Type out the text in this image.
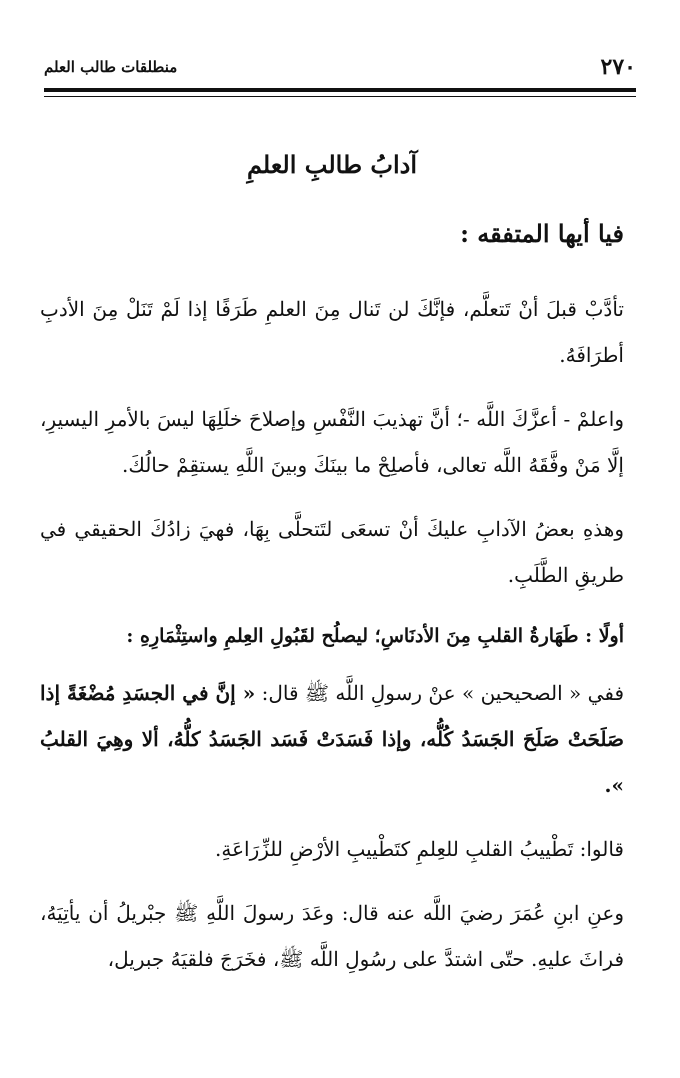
٢٧٠
منطلقات طالب العلم
آدابُ طالبِ العلمِ
فيا أيها المتفقه :

تأدَّبْ قبلَ أنْ تَتعلَّم، فإنَّكَ لن تَنال مِنَ العلمِ طَرَفًا إذا لَمْ تَنَلْ مِنَ الأدبِ أطرَافَهُ.

واعلمْ - أعزَّكَ اللَّه -؛ أنَّ تهذيبَ النَّفْسِ وإصلاحَ خلَلِهَا ليسَ بالأمرِ اليسيرِ، إلَّا مَنْ وفَّقَهُ اللَّه تعالى، فأصلِحْ ما بينَكَ وبينَ اللَّهِ يستقِمْ حالُكَ.

وهذهِ بعضُ الآدابِ عليكَ أنْ تسعَى لتَتحلَّى بِهَا، فهيَ زادُكَ الحقيقي في طريقِ الطَّلَبِ.

أولًا : طَهَارةُ القلبِ مِنَ الأدنَاسِ؛ ليصلُح لقَبُولِ العِلمِ واستِثْمَارِهِ :

ففي « الصحيحين » عنْ رسولِ اللَّه ﷺ قال: « إنَّ في الجسَدِ مُضْغَةً إذا صَلَحَتْ صَلَحَ الجَسَدُ كُلُّه، وإذا فَسَدَتْ فَسَد الجَسَدُ كلُّهُ، ألا وهِيَ القلبُ ».

قالوا: تَطْييبُ القلبِ للعِلمِ كتَطْييبِ الأرْضِ للزِّرَاعَةِ.

وعنِ ابنِ عُمَرَ رضيَ اللَّه عنه قال: وعَدَ رسولَ اللَّهِ ﷺ جبْريلُ أن يأتِيَهُ، فراثَ عليهِ. حتّى اشتدَّ على رسُولِ اللَّه ﷺ، فخَرَجَ فلقيَهُ جبريل،
